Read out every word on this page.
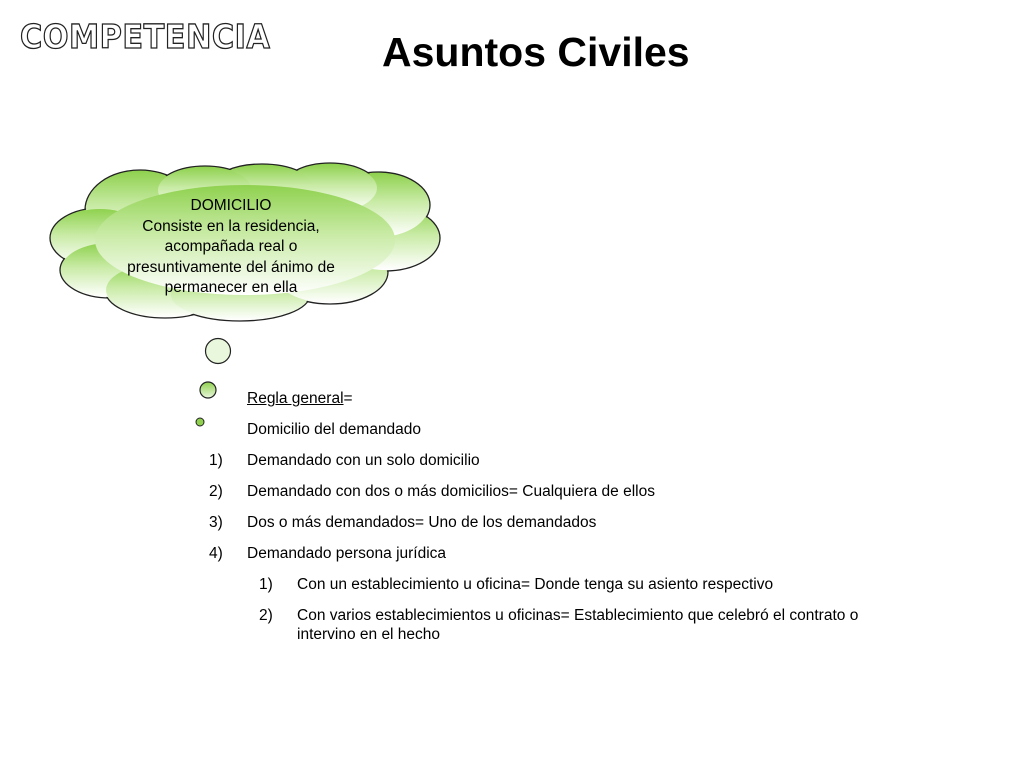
COMPETENCIA	Asuntos Civiles
DOMICILIO
Consiste en la residencia, acompañada real o presuntivamente del ánimo de permanecer en ella
Regla general=
Domicilio del demandado
1) Demandado con un solo domicilio
2) Demandado con dos o más domicilios= Cualquiera de ellos
3) Dos o más demandados= Uno de los demandados
4) Demandado persona jurídica
1) Con un establecimiento u oficina= Donde tenga su asiento respectivo
2) Con varios establecimientos u oficinas= Establecimiento que celebró el contrato o intervino en el hecho
